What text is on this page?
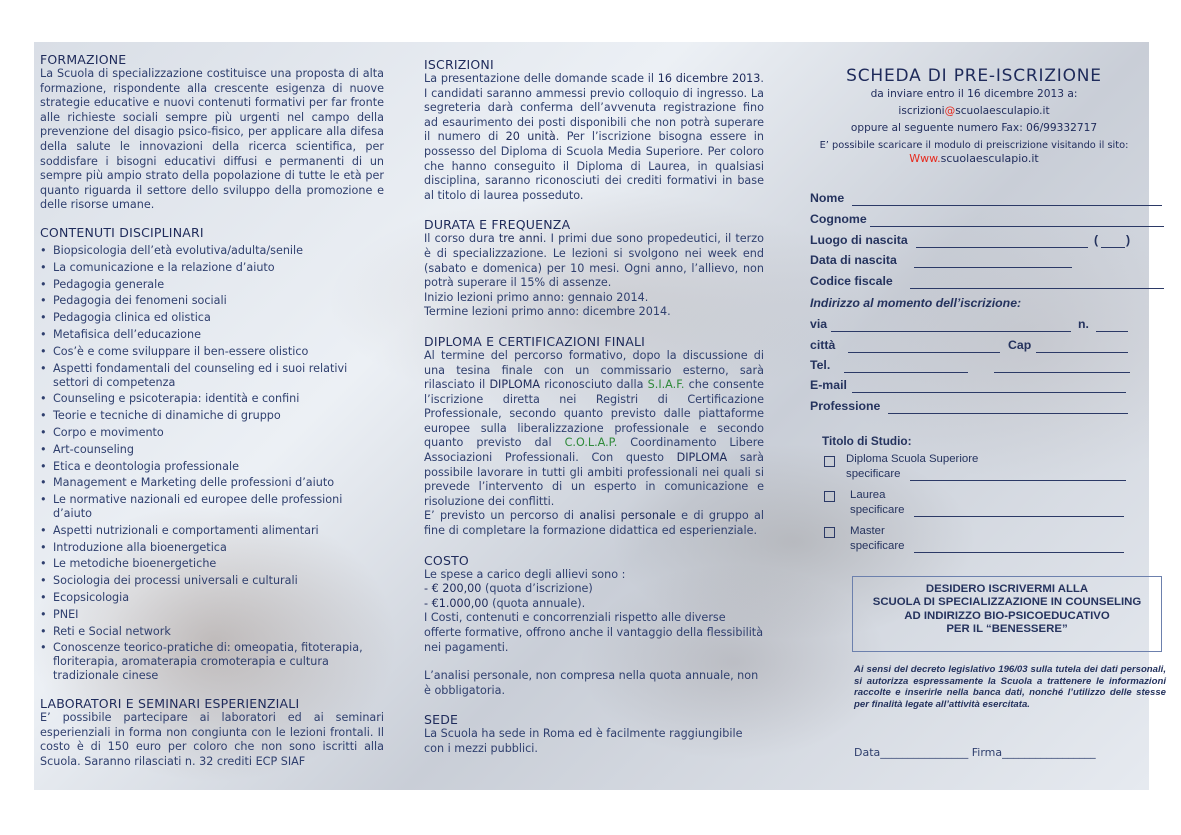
FORMAZIONE

La Scuola di specializzazione costituisce una proposta di alta formazione, rispondente alla crescente esigenza di nuove strategie educative e nuovi contenuti formativi per far fronte alle richieste sociali sempre più urgenti nel campo della prevenzione del disagio psico-fisico, per applicare alla difesa della salute le innovazioni della ricerca scientifica, per soddisfare i bisogni educativi diffusi e permanenti di un sempre più ampio strato della popolazione di tutte le età per quanto riguarda il settore dello sviluppo della promozione e delle risorse umane.

CONTENUTI DISCIPLINARI
• Biopsicologia dell’età evolutiva/adulta/senile
• La comunicazione e la relazione d’aiuto
• Pedagogia generale
• Pedagogia dei fenomeni sociali
• Pedagogia clinica ed olistica
• Metafisica dell’educazione
• Cos’è e come sviluppare il ben-essere olistico
• Aspetti fondamentali del counseling ed i suoi relativi settori di competenza
• Counseling e psicoterapia: identità e confini
• Teorie e tecniche di dinamiche di gruppo
• Corpo e movimento
• Art-counseling
• Etica e deontologia professionale
• Management e Marketing delle professioni d’aiuto
• Le normative nazionali ed europee delle professioni d’aiuto
• Aspetti nutrizionali e comportamenti alimentari
• Introduzione alla bioenergetica
• Le metodiche bioenergetiche
• Sociologia dei processi universali e culturali
• Ecopsicologia
• PNEI
• Reti e Social network
• Conoscenze teorico-pratiche di: omeopatia, fitoterapia, floriterapia, aromaterapia cromoterapia e cultura tradizionale cinese
LABORATORI E SEMINARI ESPERIENZIALI

E’ possibile partecipare ai laboratori ed ai seminari esperienziali in forma non congiunta con le lezioni frontali. Il costo è di 150 euro per coloro che non sono iscritti alla Scuola. Saranno rilasciati n. 32 crediti ECP SIAF

ISCRIZIONI

La presentazione delle domande scade il 16 dicembre 2013. I candidati saranno ammessi previo colloquio di ingresso. La segreteria darà conferma dell’avvenuta registrazione fino ad esaurimento dei posti disponibili che non potrà superare il numero di 20 unità. Per l’iscrizione bisogna essere in possesso del Diploma di Scuola Media Superiore. Per coloro che hanno conseguito il Diploma di Laurea, in qualsiasi disciplina, saranno riconosciuti dei crediti formativi in base al titolo di laurea posseduto.

DURATA E FREQUENZA

Il corso dura tre anni. I primi due sono propedeutici, il terzo è di specializzazione. Le lezioni si svolgono nei week end (sabato e domenica) per 10 mesi. Ogni anno, l’allievo, non potrà superare il 15% di assenze.

Inizio lezioni primo anno: gennaio 2014.

Termine lezioni primo anno: dicembre 2014.

DIPLOMA E CERTIFICAZIONI FINALI

Al termine del percorso formativo, dopo la discussione di una tesina finale con un commissario esterno, sarà rilasciato il DIPLOMA riconosciuto dalla S.I.A.F. che consente l’iscrizione diretta nei Registri di Certificazione Professionale, secondo quanto previsto dalle piattaforme europee sulla liberalizzazione professionale e secondo quanto previsto dal C.O.L.A.P. Coordinamento Libere Associazioni Professionali. Con questo DIPLOMA sarà possibile lavorare in tutti gli ambiti professionali nei quali si prevede l’intervento di un esperto in comunicazione e risoluzione dei conflitti.

E’ previsto un percorso di analisi personale e di gruppo al fine di completare la formazione didattica ed esperienziale.

COSTO

Le spese a carico degli allievi sono :

- € 200,00 (quota d’iscrizione)

- €1.000,00 (quota annuale).

I Costi, contenuti e concorrenziali rispetto alle diverse offerte formative, offrono anche il vantaggio della flessibilità nei pagamenti.

L’analisi personale, non compresa nella quota annuale, non è obbligatoria.

SEDE

La Scuola ha sede in Roma ed è facilmente raggiungibile con i mezzi pubblici.

SCHEDA DI PRE-ISCRIZIONE
da inviare entro il 16 dicembre 2013 a:
iscrizioni@scuolaesculapio.it
oppure al seguente numero Fax: 06/99332717
E’ possibile scaricare il modulo di preiscrizione visitando il sito:
Www.scuolaesculapio.it
Nome
Cognome
Luogo di nascita	( )
Data di nascita
Codice fiscale
Indirizzo al momento dell’iscrizione:
via	n.
città	Cap
Tel.
E-mail
Professione
Titolo di Studio:
Diploma Scuola Superiore
specificare
Laurea
specificare
Master
specificare
DESIDERO ISCRIVERMI ALLA
SCUOLA DI SPECIALIZZAZIONE IN COUNSELING
AD INDIRIZZO BIO-PSICOEDUCATIVO
PER IL “BENESSERE”
Ai sensi del decreto legislativo 196/03 sulla tutela dei dati personali, si autorizza espressamente la Scuola a trattenere le informazioni raccolte e inserirle nella banca dati, nonché l’utilizzo delle stesse per finalità legate all’attività esercitata.
Data________________ Firma_________________
